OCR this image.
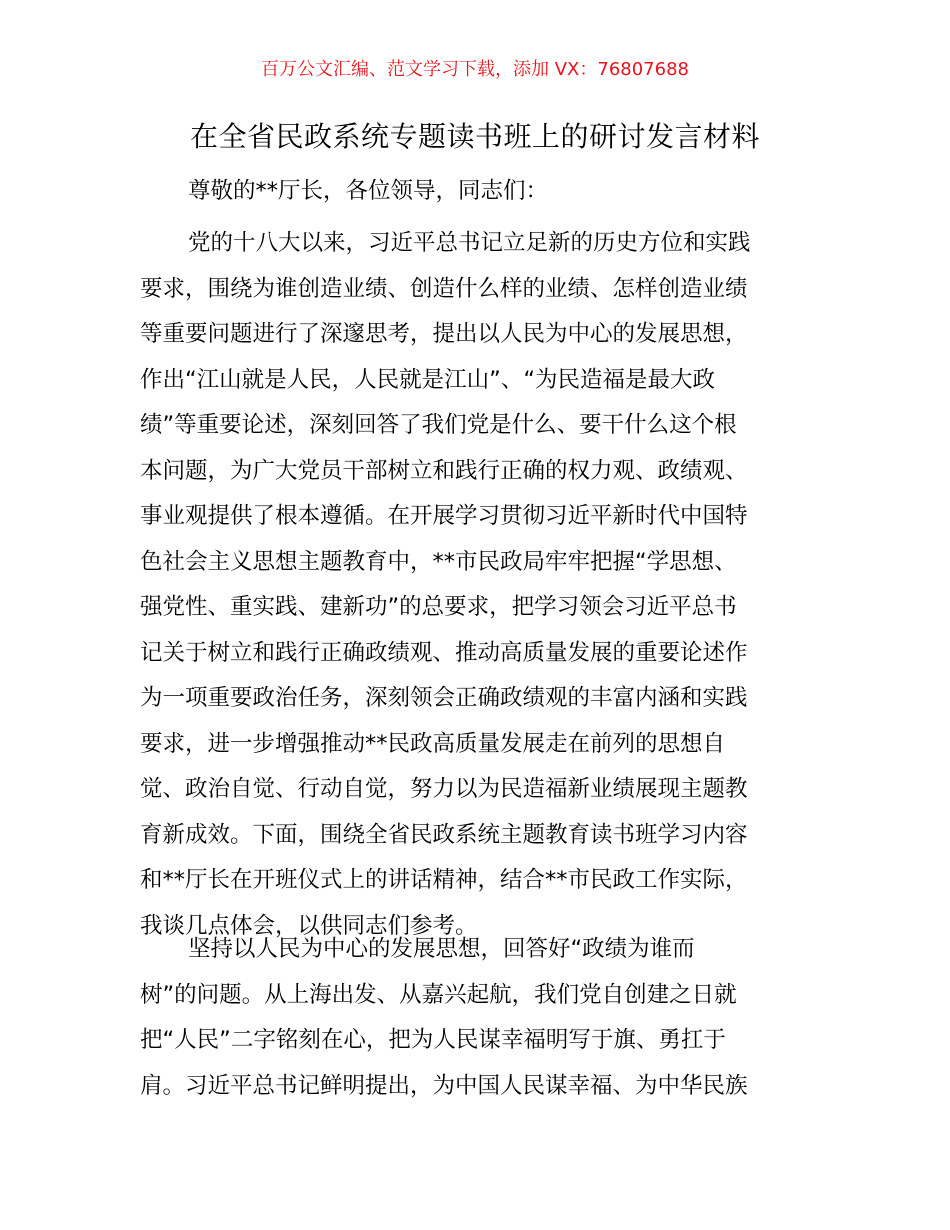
百万公文汇编、范文学习下载，添加 VX：76807688
在全省民政系统专题读书班上的研讨发言材料
尊敬的**厅长，各位领导，同志们：
党的十八大以来，习近平总书记立足新的历史方位和实践
要求，围绕为谁创造业绩、创造什么样的业绩、怎样创造业绩
等重要问题进行了深邃思考，提出以人民为中心的发展思想，
作出“江山就是人民，人民就是江山”、“为民造福是最大政
绩”等重要论述，深刻回答了我们党是什么、要干什么这个根
本问题，为广大党员干部树立和践行正确的权力观、政绩观、
事业观提供了根本遵循。在开展学习贯彻习近平新时代中国特
色社会主义思想主题教育中，**市民政局牢牢把握“学思想、
强党性、重实践、建新功”的总要求，把学习领会习近平总书
记关于树立和践行正确政绩观、推动高质量发展的重要论述作
为一项重要政治任务，深刻领会正确政绩观的丰富内涵和实践
要求，进一步增强推动**民政高质量发展走在前列的思想自
觉、政治自觉、行动自觉，努力以为民造福新业绩展现主题教
育新成效。下面，围绕全省民政系统主题教育读书班学习内容
和**厅长在开班仪式上的讲话精神，结合**市民政工作实际，
我谈几点体会，以供同志们参考。
坚持以人民为中心的发展思想，回答好“政绩为谁而
树”的问题。从上海出发、从嘉兴起航，我们党自创建之日就
把“人民”二字铭刻在心，把为人民谋幸福明写于旗、勇扛于
肩。习近平总书记鲜明提出，为中国人民谋幸福、为中华民族
